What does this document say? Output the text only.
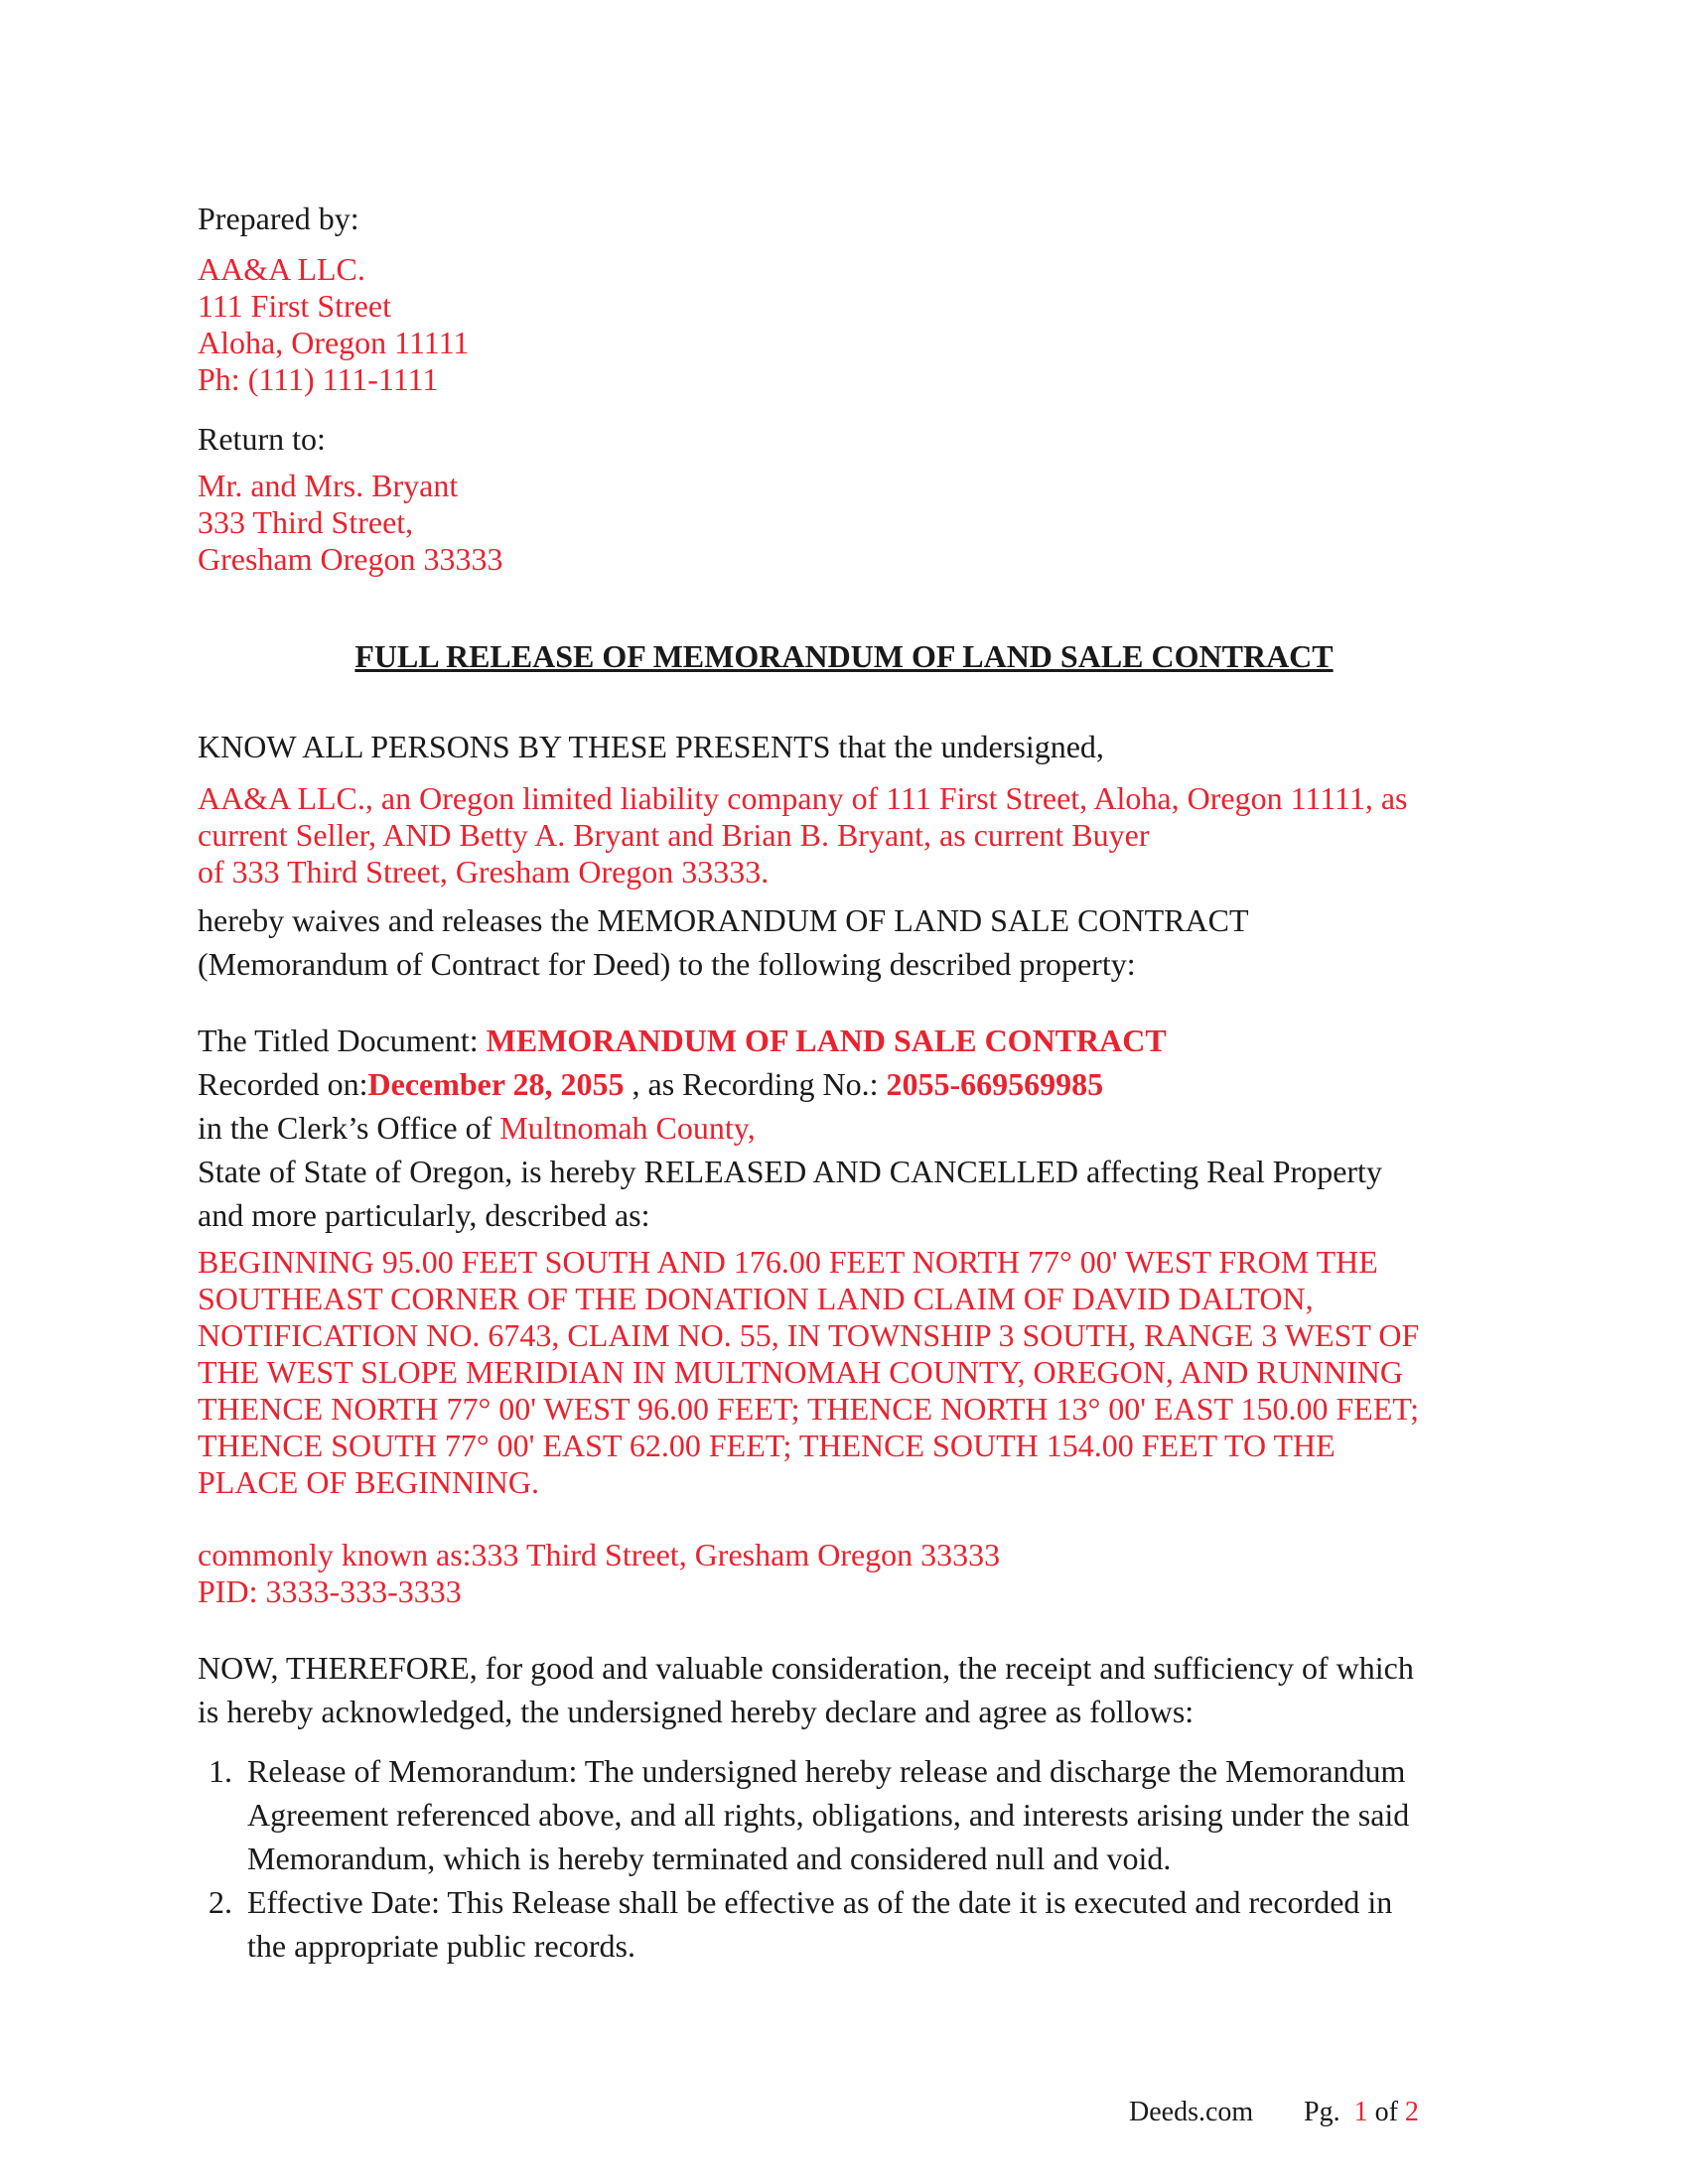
Prepared by:
AA&A LLC.
111 First Street
Aloha, Oregon 11111
Ph: (111) 111-1111
Return to:
Mr. and Mrs. Bryant
333 Third Street,
Gresham Oregon 33333
FULL RELEASE OF MEMORANDUM OF LAND SALE CONTRACT
KNOW ALL PERSONS BY THESE PRESENTS that the undersigned,
AA&A LLC., an Oregon limited liability company of 111 First Street, Aloha, Oregon 11111, as
current Seller, AND Betty A. Bryant and Brian B. Bryant, as current Buyer
of 333 Third Street, Gresham Oregon 33333.
hereby waives and releases the MEMORANDUM OF LAND SALE CONTRACT
(Memorandum of Contract for Deed) to the following described property:
The Titled Document: MEMORANDUM OF LAND SALE CONTRACT
Recorded on:December 28, 2055 , as Recording No.: 2055-669569985
in the Clerk’s Office of Multnomah County,
State of State of Oregon, is hereby RELEASED AND CANCELLED affecting Real Property
and more particularly, described as:
BEGINNING 95.00 FEET SOUTH AND 176.00 FEET NORTH 77° 00' WEST FROM THE
SOUTHEAST CORNER OF THE DONATION LAND CLAIM OF DAVID DALTON,
NOTIFICATION NO. 6743, CLAIM NO. 55, IN TOWNSHIP 3 SOUTH, RANGE 3 WEST OF
THE WEST SLOPE MERIDIAN IN MULTNOMAH COUNTY, OREGON, AND RUNNING
THENCE NORTH 77° 00' WEST 96.00 FEET; THENCE NORTH 13° 00' EAST 150.00 FEET;
THENCE SOUTH 77° 00' EAST 62.00 FEET; THENCE SOUTH 154.00 FEET TO THE
PLACE OF BEGINNING.
commonly known as:333 Third Street, Gresham Oregon 33333
PID: 3333-333-3333
NOW, THEREFORE, for good and valuable consideration, the receipt and sufficiency of which
is hereby acknowledged, the undersigned hereby declare and agree as follows:
1. Release of Memorandum: The undersigned hereby release and discharge the Memorandum
Agreement referenced above, and all rights, obligations, and interests arising under the said
Memorandum, which is hereby terminated and considered null and void.
2. Effective Date: This Release shall be effective as of the date it is executed and recorded in
the appropriate public records.
Deeds.com Pg. 1 of 2
